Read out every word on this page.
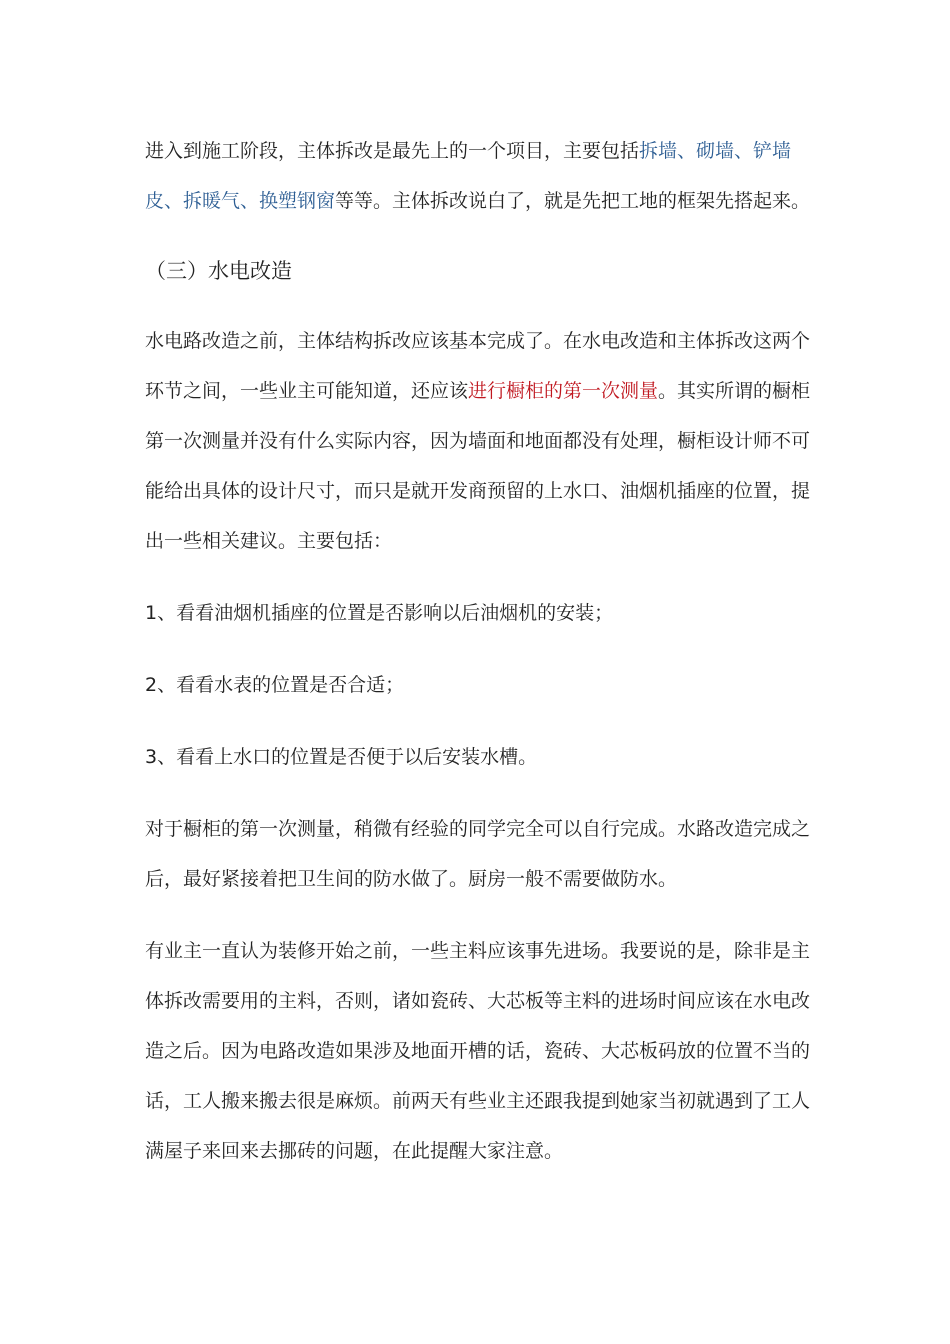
进入到施工阶段，主体拆改是最先上的一个项目，主要包括拆墙、砌墙、铲墙皮、拆暖气、换塑钢窗等等。主体拆改说白了，就是先把工地的框架先搭起来。

（三）水电改造

水电路改造之前，主体结构拆改应该基本完成了。在水电改造和主体拆改这两个环节之间，一些业主可能知道，还应该进行橱柜的第一次测量。其实所谓的橱柜第一次测量并没有什么实际内容，因为墙面和地面都没有处理，橱柜设计师不可能给出具体的设计尺寸，而只是就开发商预留的上水口、油烟机插座的位置，提出一些相关建议。主要包括：

1、看看油烟机插座的位置是否影响以后油烟机的安装；

2、看看水表的位置是否合适；

3、看看上水口的位置是否便于以后安装水槽。

对于橱柜的第一次测量，稍微有经验的同学完全可以自行完成。水路改造完成之后，最好紧接着把卫生间的防水做了。厨房一般不需要做防水。

有业主一直认为装修开始之前，一些主料应该事先进场。我要说的是，除非是主体拆改需要用的主料，否则，诸如瓷砖、大芯板等主料的进场时间应该在水电改造之后。因为电路改造如果涉及地面开槽的话，瓷砖、大芯板码放的位置不当的话，工人搬来搬去很是麻烦。前两天有些业主还跟我提到她家当初就遇到了工人满屋子来回来去挪砖的问题，在此提醒大家注意。
